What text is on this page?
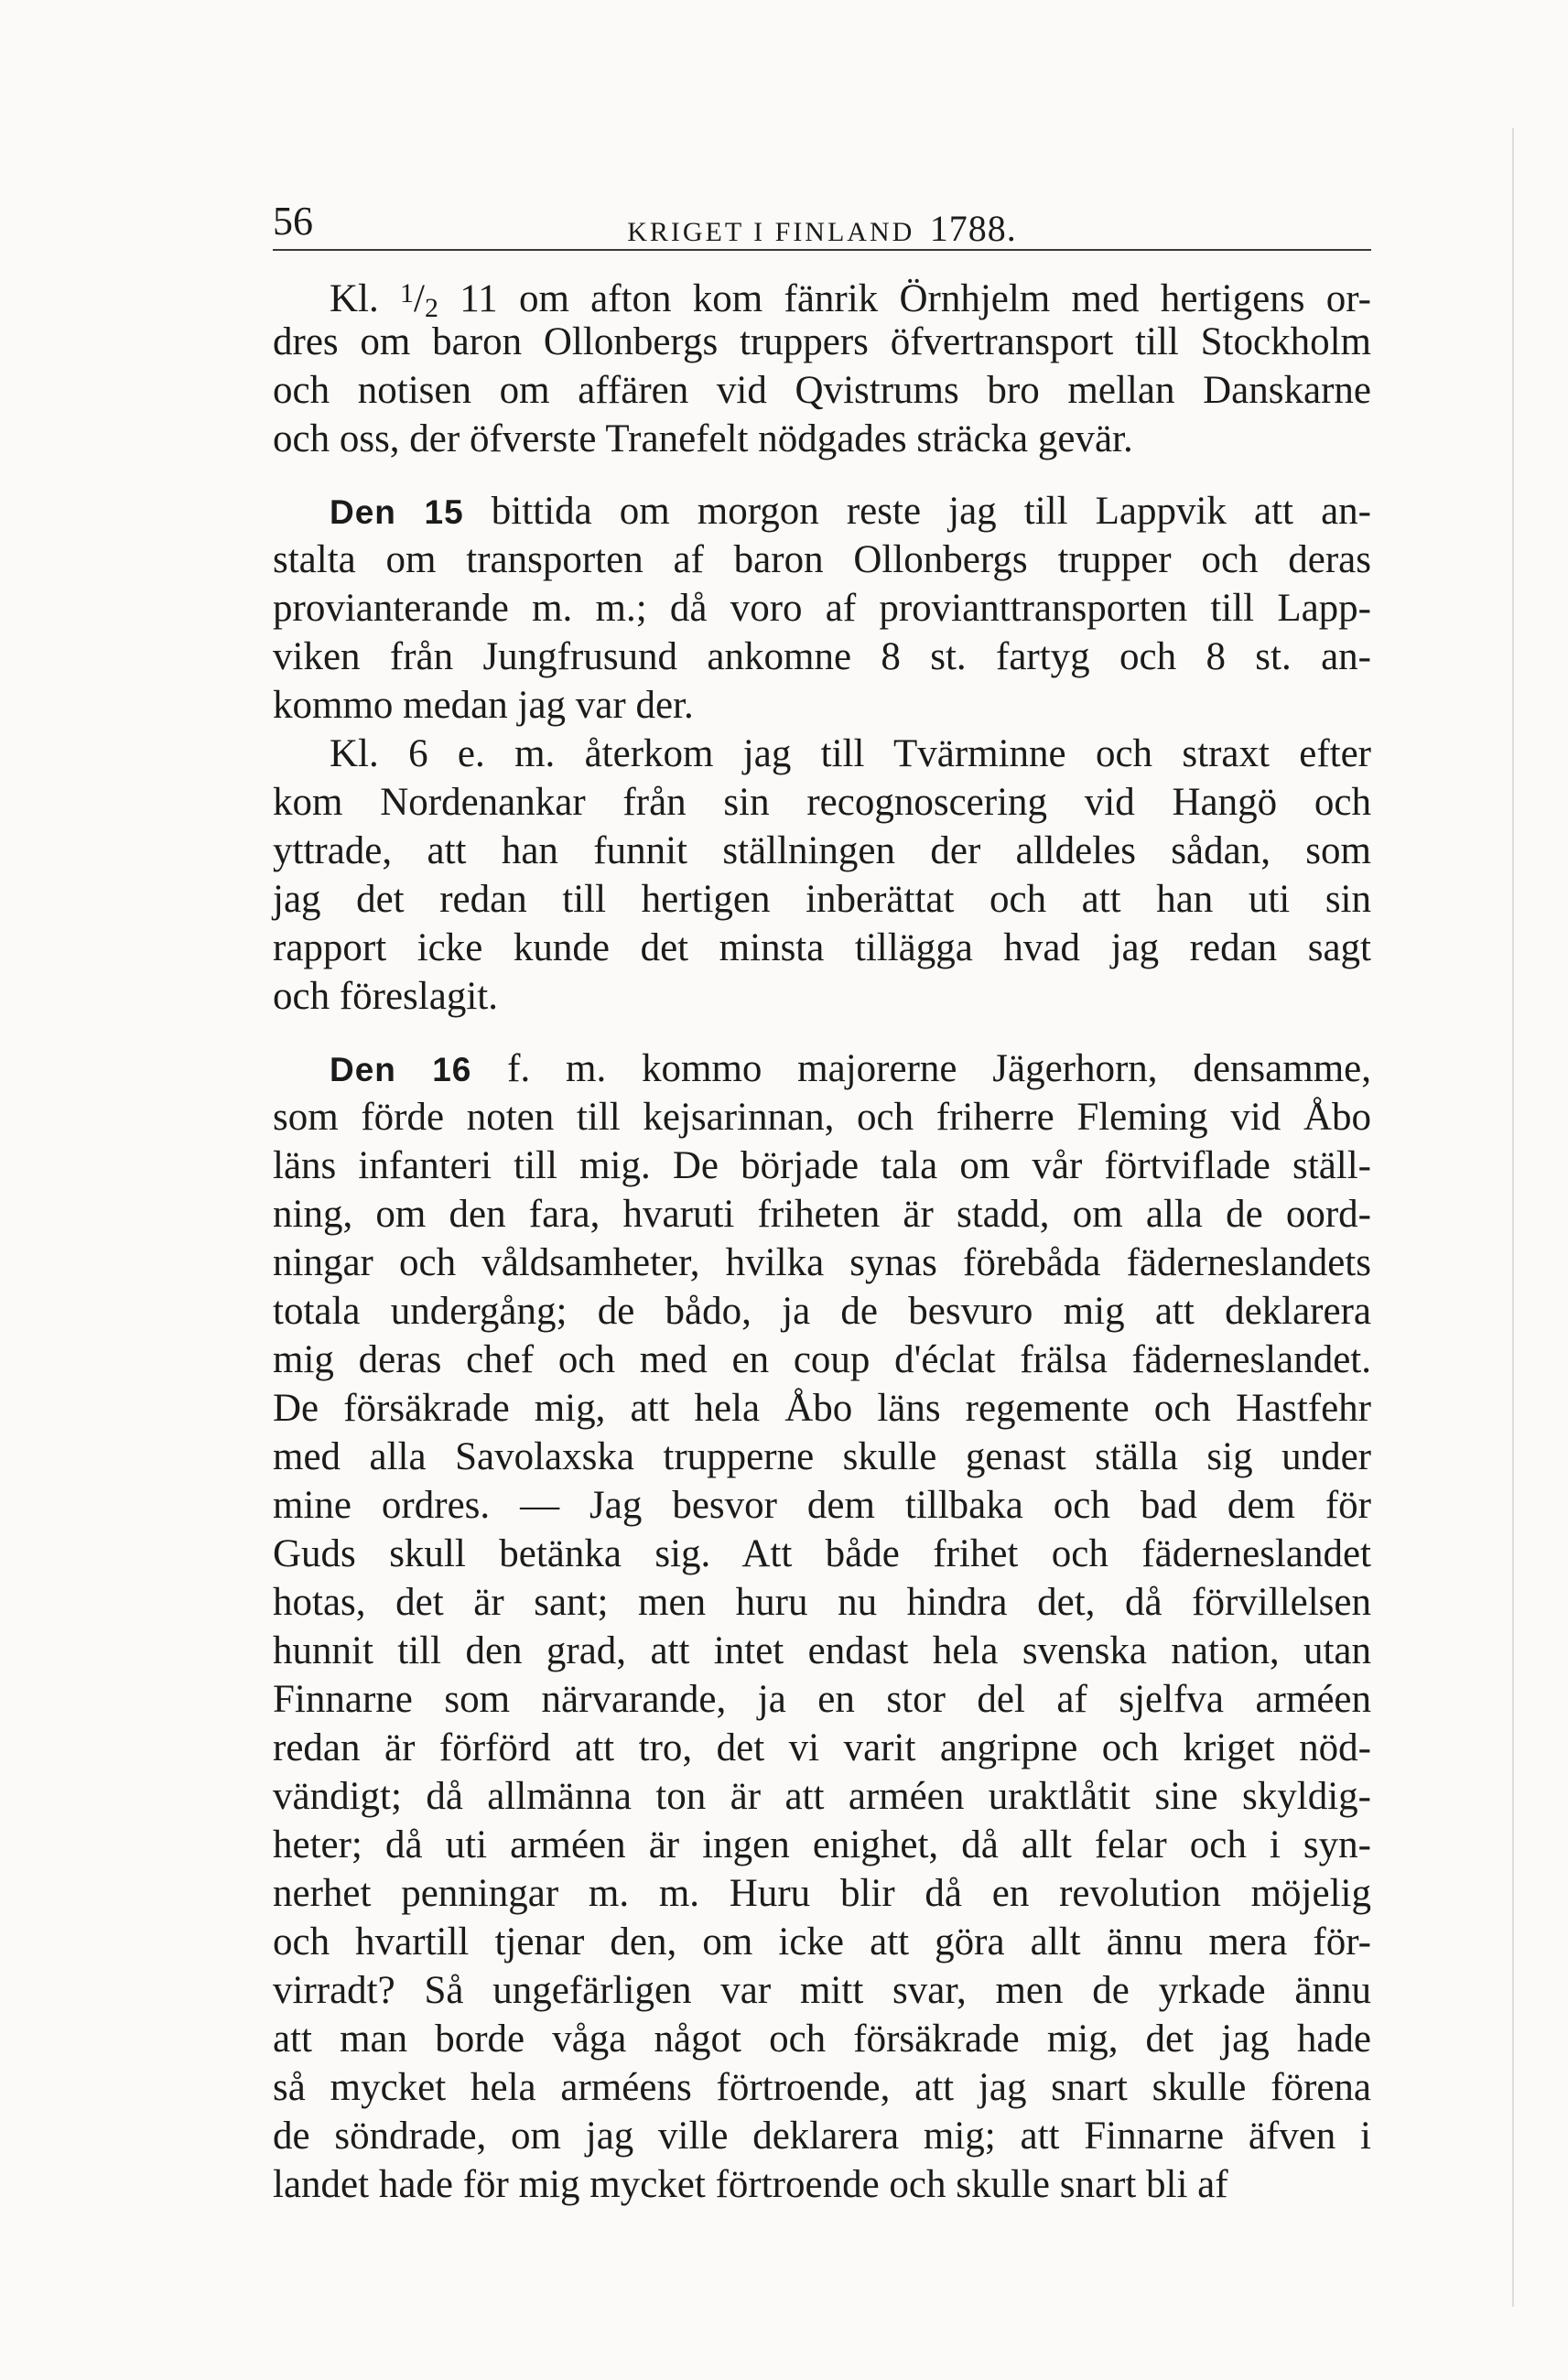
56	KRIGET I FINLAND 1788.
Kl. $^1$/2 11 om afton kom fänrik Örnhjelm med hertigens or-
dres om baron Ollonbergs truppers öfvertransport till Stockholm
och notisen om affären vid Qvistrums bro mellan Danskarne
och oss, der öfverste Tranefelt nödgades sträcka gevär.
Den 15 bittida om morgon reste jag till Lappvik att an-
stalta om transporten af baron Ollonbergs trupper och deras
provianterande m. m.; då voro af provianttransporten till Lapp-
viken från Jungfrusund ankomne 8 st. fartyg och 8 st. an-
kommo medan jag var der.
Kl. 6 e. m. återkom jag till Tvärminne och straxt efter
kom Nordenankar från sin recognoscering vid Hangö och
yttrade, att han funnit ställningen der alldeles sådan, som
jag det redan till hertigen inberättat och att han uti sin
rapport icke kunde det minsta tillägga hvad jag redan sagt
och föreslagit.
Den 16 f. m. kommo majorerne Jägerhorn, densamme,
som förde noten till kejsarinnan, och friherre Fleming vid Åbo
läns infanteri till mig. De började tala om vår förtviflade ställ-
ning, om den fara, hvaruti friheten är stadd, om alla de oord-
ningar och våldsamheter, hvilka synas förebåda fäderneslandets
totala undergång; de bådo, ja de besvuro mig att deklarera
mig deras chef och med en coup d'éclat frälsa fäderneslandet.
De försäkrade mig, att hela Åbo läns regemente och Hastfehr
med alla Savolaxska trupperne skulle genast ställa sig under
mine ordres. — Jag besvor dem tillbaka och bad dem för
Guds skull betänka sig. Att både frihet och fäderneslandet
hotas, det är sant; men huru nu hindra det, då förvillelsen
hunnit till den grad, att intet endast hela svenska nation, utan
Finnarne som närvarande, ja en stor del af sjelfva arméen
redan är förförd att tro, det vi varit angripne och kriget nöd-
vändigt; då allmänna ton är att arméen uraktlåtit sine skyldig-
heter; då uti arméen är ingen enighet, då allt felar och i syn-
nerhet penningar m. m. Huru blir då en revolution möjelig
och hvartill tjenar den, om icke att göra allt ännu mera för-
virradt? Så ungefärligen var mitt svar, men de yrkade ännu
att man borde våga något och försäkrade mig, det jag hade
så mycket hela arméens förtroende, att jag snart skulle förena
de söndrade, om jag ville deklarera mig; att Finnarne äfven i
landet hade för mig mycket förtroende och skulle snart bli af
